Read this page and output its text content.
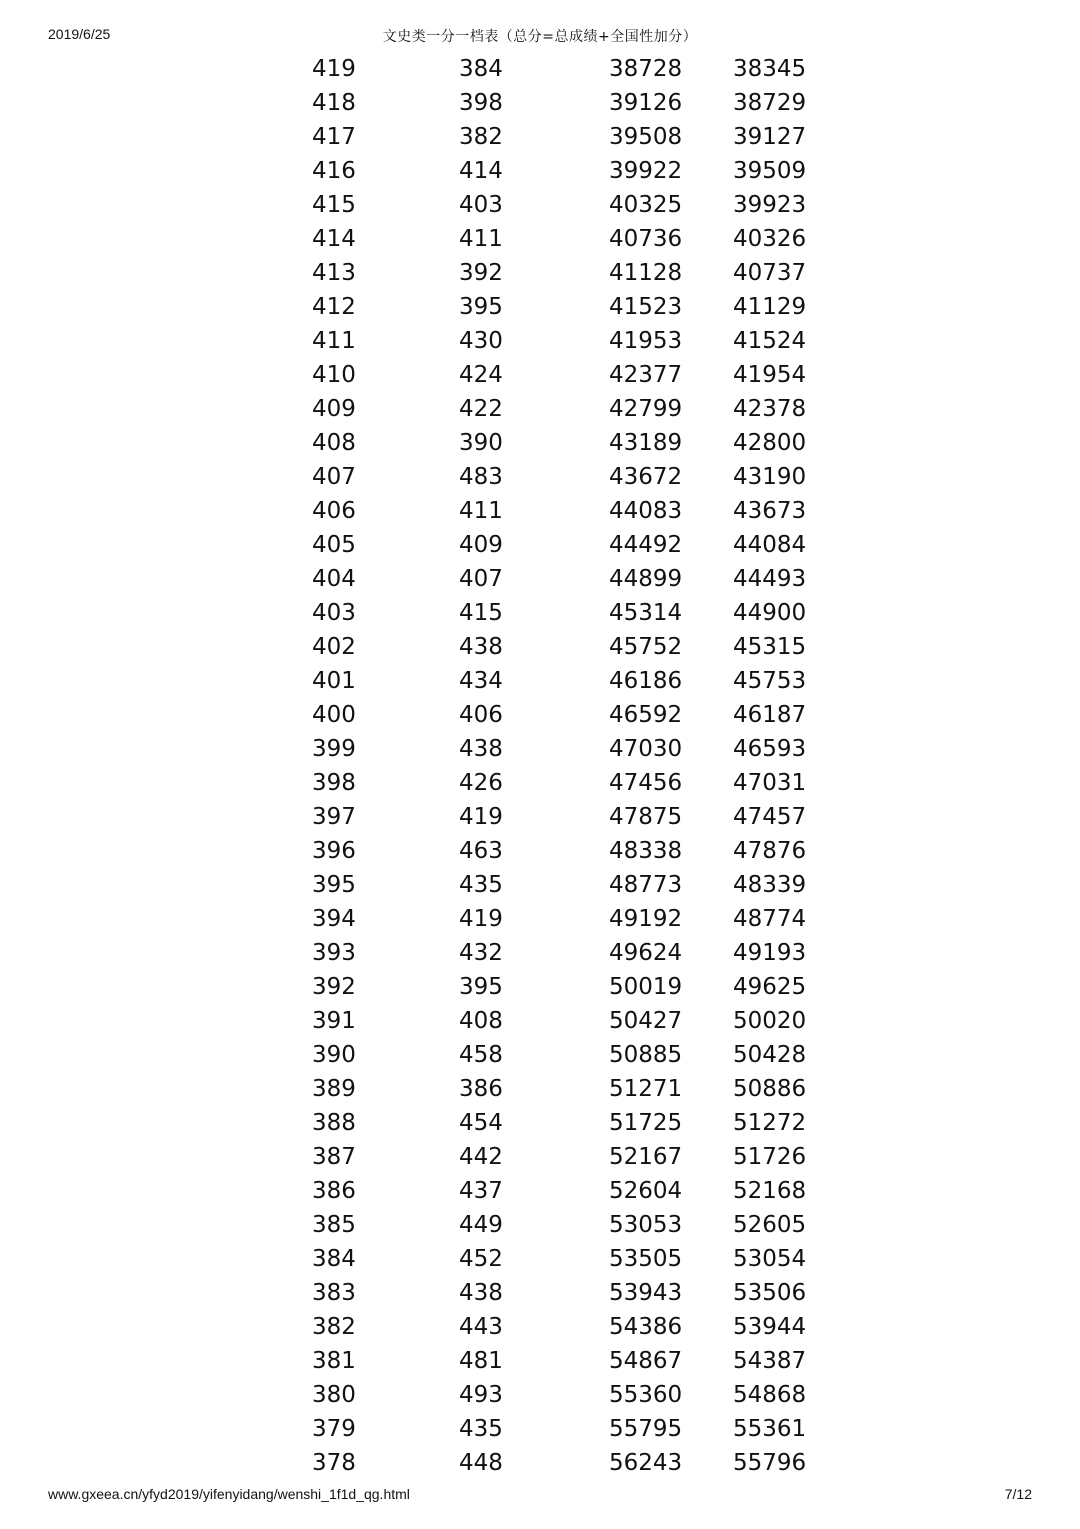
2019/6/25	文史类一分一档表（总分=总成绩+全国性加分）
419	384	38728 38345
418	398	39126 38729
417	382	39508 39127
416	414	39922 39509
415	403	40325 39923
414	411	40736 40326
413	392	41128 40737
412	395	41523 41129
411	430	41953 41524
410	424	42377 41954
409	422	42799 42378
408	390	43189 42800
407	483	43672 43190
406	411	44083 43673
405	409	44492 44084
404	407	44899 44493
403	415	45314 44900
402	438	45752 45315
401	434	46186 45753
400	406	46592 46187
399	438	47030 46593
398	426	47456 47031
397	419	47875 47457
396	463	48338 47876
395	435	48773 48339
394	419	49192 48774
393	432	49624 49193
392	395	50019 49625
391	408	50427 50020
390	458	50885 50428
389	386	51271 50886
388	454	51725 51272
387	442	52167 51726
386	437	52604 52168
385	449	53053 52605
384	452	53505 53054
383	438	53943 53506
382	443	54386 53944
381	481	54867 54387
380	493	55360 54868
379	435	55795 55361
378	448	56243 55796
www.gxeea.cn/yfyd2019/yifenyidang/wenshi_1f1d_qg.html	7/12
